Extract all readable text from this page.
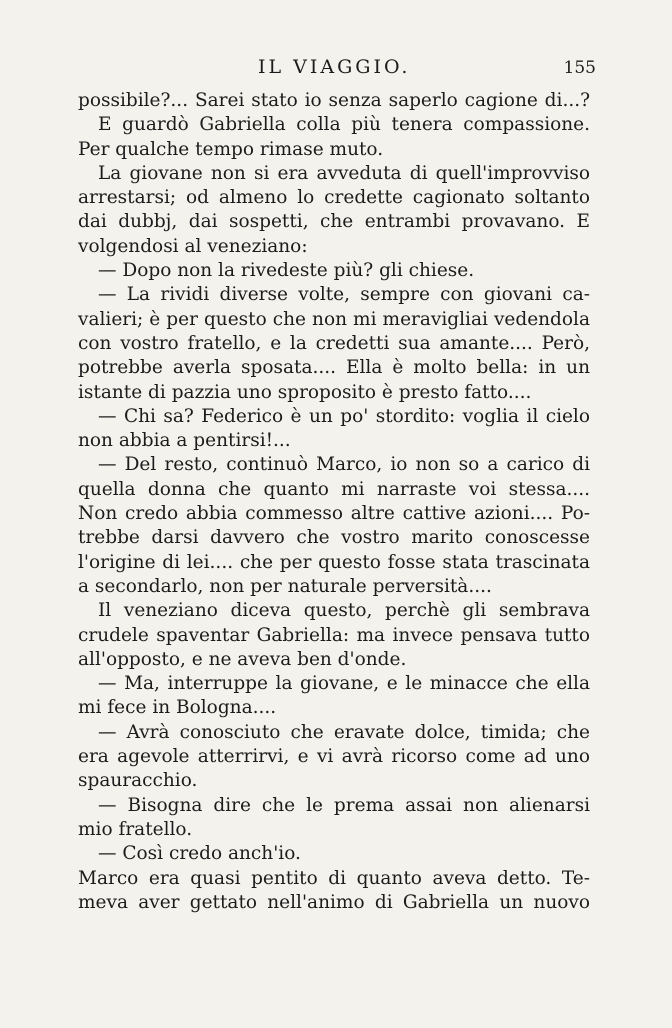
IL VIAGGIO.	155
possibile?... Sarei stato io senza saperlo cagione di...?
E guardò Gabriella colla più tenera compassione.
Per qualche tempo rimase muto.
La giovane non si era avveduta di quell'improvviso
arrestarsi; od almeno lo credette cagionato soltanto
dai dubbj, dai sospetti, che entrambi provavano. E
volgendosi al veneziano:
— Dopo non la rivedeste più? gli chiese.
— La rividi diverse volte, sempre con giovani ca-
valieri; è per questo che non mi meravigliai vedendola
con vostro fratello, e la credetti sua amante.... Però,
potrebbe averla sposata.... Ella è molto bella: in un
istante di pazzia uno sproposito è presto fatto....
— Chi sa? Federico è un po' stordito: voglia il cielo
non abbia a pentirsi!...
— Del resto, continuò Marco, io non so a carico di
quella donna che quanto mi narraste voi stessa....
Non credo abbia commesso altre cattive azioni.... Po-
trebbe darsi davvero che vostro marito conoscesse
l'origine di lei.... che per questo fosse stata trascinata
a secondarlo, non per naturale perversità....
Il veneziano diceva questo, perchè gli sembrava
crudele spaventar Gabriella: ma invece pensava tutto
all'opposto, e ne aveva ben d'onde.
— Ma, interruppe la giovane, e le minacce che ella
mi fece in Bologna....
— Avrà conosciuto che eravate dolce, timida; che
era agevole atterrirvi, e vi avrà ricorso come ad uno
spauracchio.
— Bisogna dire che le prema assai non alienarsi
mio fratello.
— Così credo anch'io.
Marco era quasi pentito di quanto aveva detto. Te-
meva aver gettato nell'animo di Gabriella un nuovo
